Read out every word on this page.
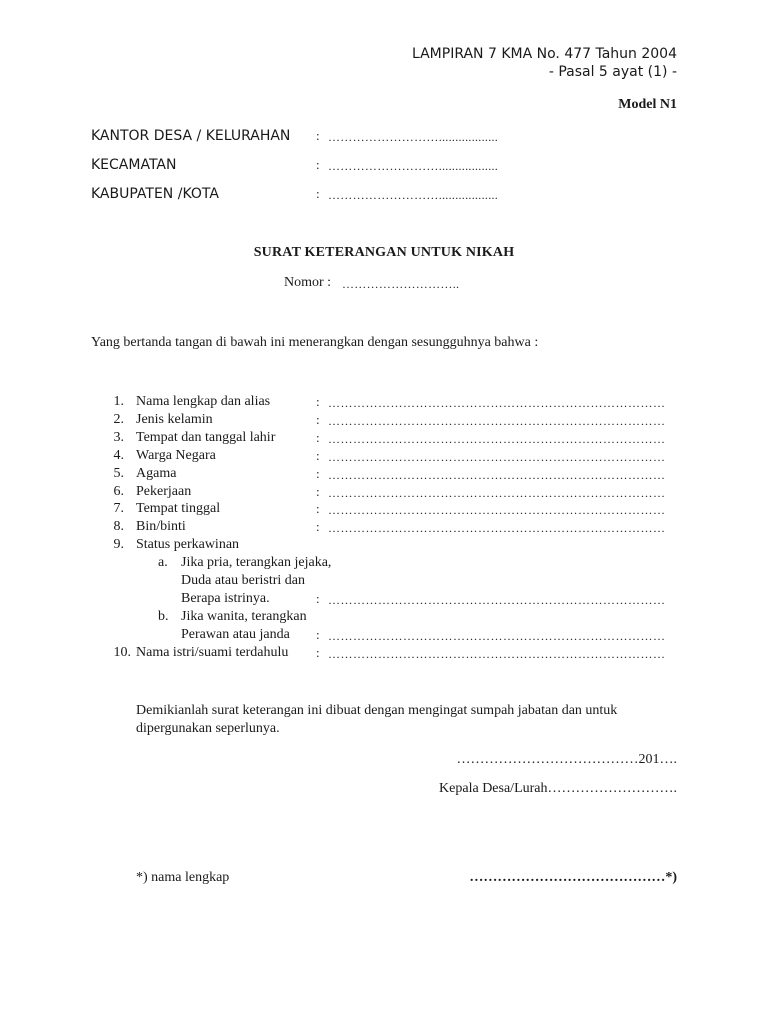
LAMPIRAN 7 KMA No. 477 Tahun 2004
- Pasal 5 ayat (1) -
Model N1
KANTOR DESA / KELURAHAN : ………………………..................
KECAMATAN	: ………………………..................
KABUPATEN /KOTA	: ………………………..................
SURAT KETERANGAN UNTUK NIKAH
Nomor : ………………………..
Yang bertanda tangan di bawah ini menerangkan dengan sesungguhnya bahwa :
1. Nama lengkap dan alias	: ………………………………………………………………………
2. Jenis kelamin	: ………………………………………………………………………
3. Tempat dan tanggal lahir	: ………………………………………………………………………
4. Warga Negara	: ………………………………………………………………………
5. Agama	: ………………………………………………………………………
6. Pekerjaan	: ………………………………………………………………………
7. Tempat tinggal	: ………………………………………………………………………
8. Bin/binti	: ………………………………………………………………………
9. Status perkawinan
a. Jika pria, terangkan jejaka,
Duda atau beristri dan
Berapa istrinya.	: ………………………………………………………………………
b. Jika wanita, terangkan
Perawan atau janda : ………………………………………………………………………
10. Nama istri/suami terdahulu : ………………………………………………………………………
Demikianlah surat keterangan ini dibuat dengan mengingat sumpah jabatan dan untuk
dipergunakan seperlunya.
…………………………………201….
Kepala Desa/Lurah……………………….
*) nama lengkap	……………………………………*)
